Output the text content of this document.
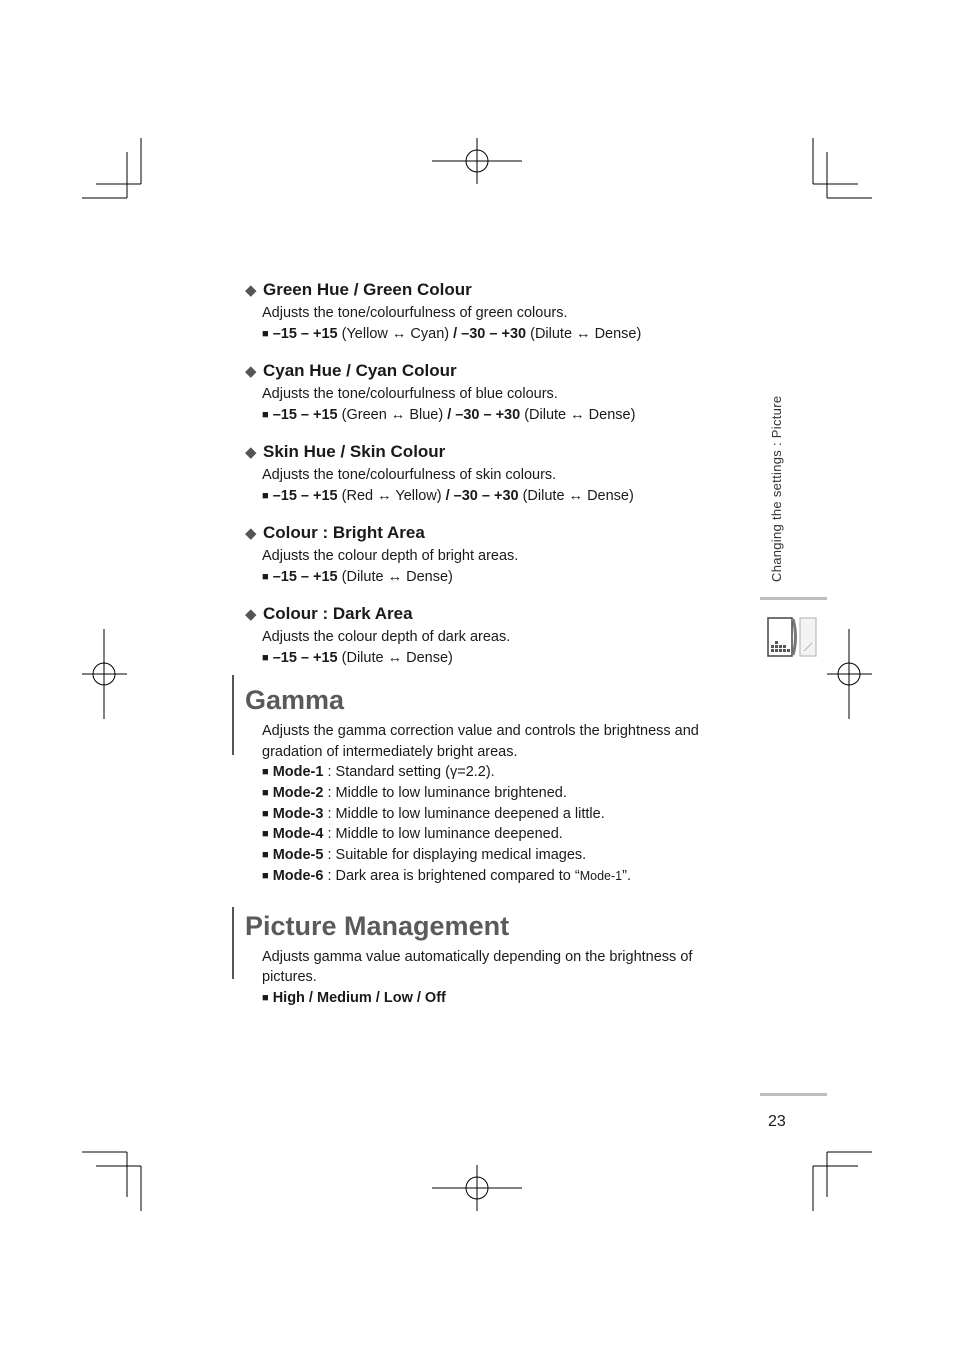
◆ Green Hue / Green Colour

Adjusts the tone/colourfulness of green colours.

■ –15 – +15 (Yellow ↔ Cyan) / –30 – +30 (Dilute ↔ Dense)

◆ Cyan Hue / Cyan Colour

Adjusts the tone/colourfulness of blue colours.

■ –15 – +15 (Green ↔ Blue) / –30 – +30 (Dilute ↔ Dense)

◆ Skin Hue / Skin Colour

Adjusts the tone/colourfulness of skin colours.

■ –15 – +15 (Red ↔ Yellow) / –30 – +30 (Dilute ↔ Dense)

◆ Colour : Bright Area

Adjusts the colour depth of bright areas.

■ –15 – +15 (Dilute ↔ Dense)

◆ Colour : Dark Area

Adjusts the colour depth of dark areas.

■ –15 – +15 (Dilute ↔ Dense)

Gamma

Adjusts the gamma correction value and controls the brightness and gradation of intermediately bright areas.

■ Mode-1 : Standard setting (γ=2.2).

■ Mode-2 : Middle to low luminance brightened.

■ Mode-3 : Middle to low luminance deepened a little.

■ Mode-4 : Middle to low luminance deepened.

■ Mode-5 : Suitable for displaying medical images.

■ Mode-6 : Dark area is brightened compared to “Mode-1”.

Picture Management

Adjusts gamma value automatically depending on the brightness of pictures.

■ High / Medium / Low / Off

Changing the settings : Picture
23
